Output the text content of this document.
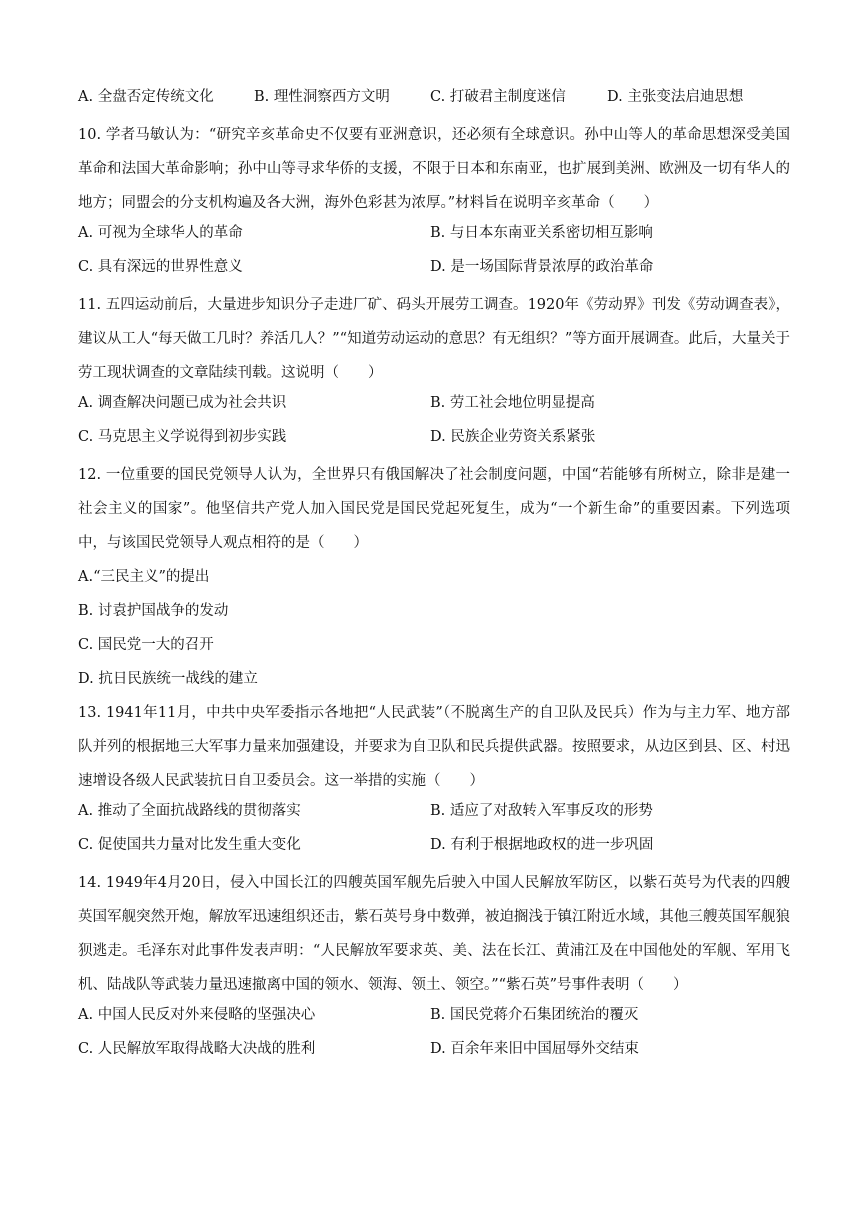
A. 全盘否定传统文化	B. 理性洞察西方文明	C. 打破君主制度迷信	D. 主张变法启迪思想

10. 学者马敏认为：“研究辛亥革命史不仅要有亚洲意识，还必须有全球意识。孙中山等人的革命思想深受美国革命和法国大革命影响；孙中山等寻求华侨的支援，不限于日本和东南亚，也扩展到美洲、欧洲及一切有华人的地方；同盟会的分支机构遍及各大洲，海外色彩甚为浓厚。”材料旨在说明辛亥革命（　　）

A. 可视为全球华人的革命	B. 与日本东南亚关系密切相互影响
C. 具有深远的世界性意义	D. 是一场国际背景浓厚的政治革命

11. 五四运动前后，大量进步知识分子走进厂矿、码头开展劳工调查。1920年《劳动界》刊发《劳动调查表》，建议从工人“每天做工几时？养活几人？”“知道劳动运动的意思？有无组织？”等方面开展调查。此后，大量关于劳工现状调查的文章陆续刊载。这说明（　　）

A. 调查解决问题已成为社会共识	B. 劳工社会地位明显提高
C. 马克思主义学说得到初步实践	D. 民族企业劳资关系紧张

12. 一位重要的国民党领导人认为，全世界只有俄国解决了社会制度问题，中国“若能够有所树立，除非是建一社会主义的国家”。他坚信共产党人加入国民党是国民党起死复生，成为“一个新生命”的重要因素。下列选项中，与该国民党领导人观点相符的是（　　）

A.“三民主义”的提出
B. 讨袁护国战争的发动
C. 国民党一大的召开
D. 抗日民族统一战线的建立

13. 1941年11月，中共中央军委指示各地把“人民武装”（不脱离生产的自卫队及民兵）作为与主力军、地方部队并列的根据地三大军事力量来加强建设，并要求为自卫队和民兵提供武器。按照要求，从边区到县、区、村迅速增设各级人民武装抗日自卫委员会。这一举措的实施（　　）

A. 推动了全面抗战路线的贯彻落实	B. 适应了对敌转入军事反攻的形势
C. 促使国共力量对比发生重大变化	D. 有利于根据地政权的进一步巩固

14. 1949年4月20日，侵入中国长江的四艘英国军舰先后驶入中国人民解放军防区，以紫石英号为代表的四艘英国军舰突然开炮，解放军迅速组织还击，紫石英号身中数弹，被迫搁浅于镇江附近水域，其他三艘英国军舰狼狈逃走。毛泽东对此事件发表声明：“人民解放军要求英、美、法在长江、黄浦江及在中国他处的军舰、军用飞机、陆战队等武装力量迅速撤离中国的领水、领海、领土、领空。”“紫石英”号事件表明（　　）

A. 中国人民反对外来侵略的坚强决心	B. 国民党蒋介石集团统治的覆灭
C. 人民解放军取得战略大决战的胜利	D. 百余年来旧中国屈辱外交结束
